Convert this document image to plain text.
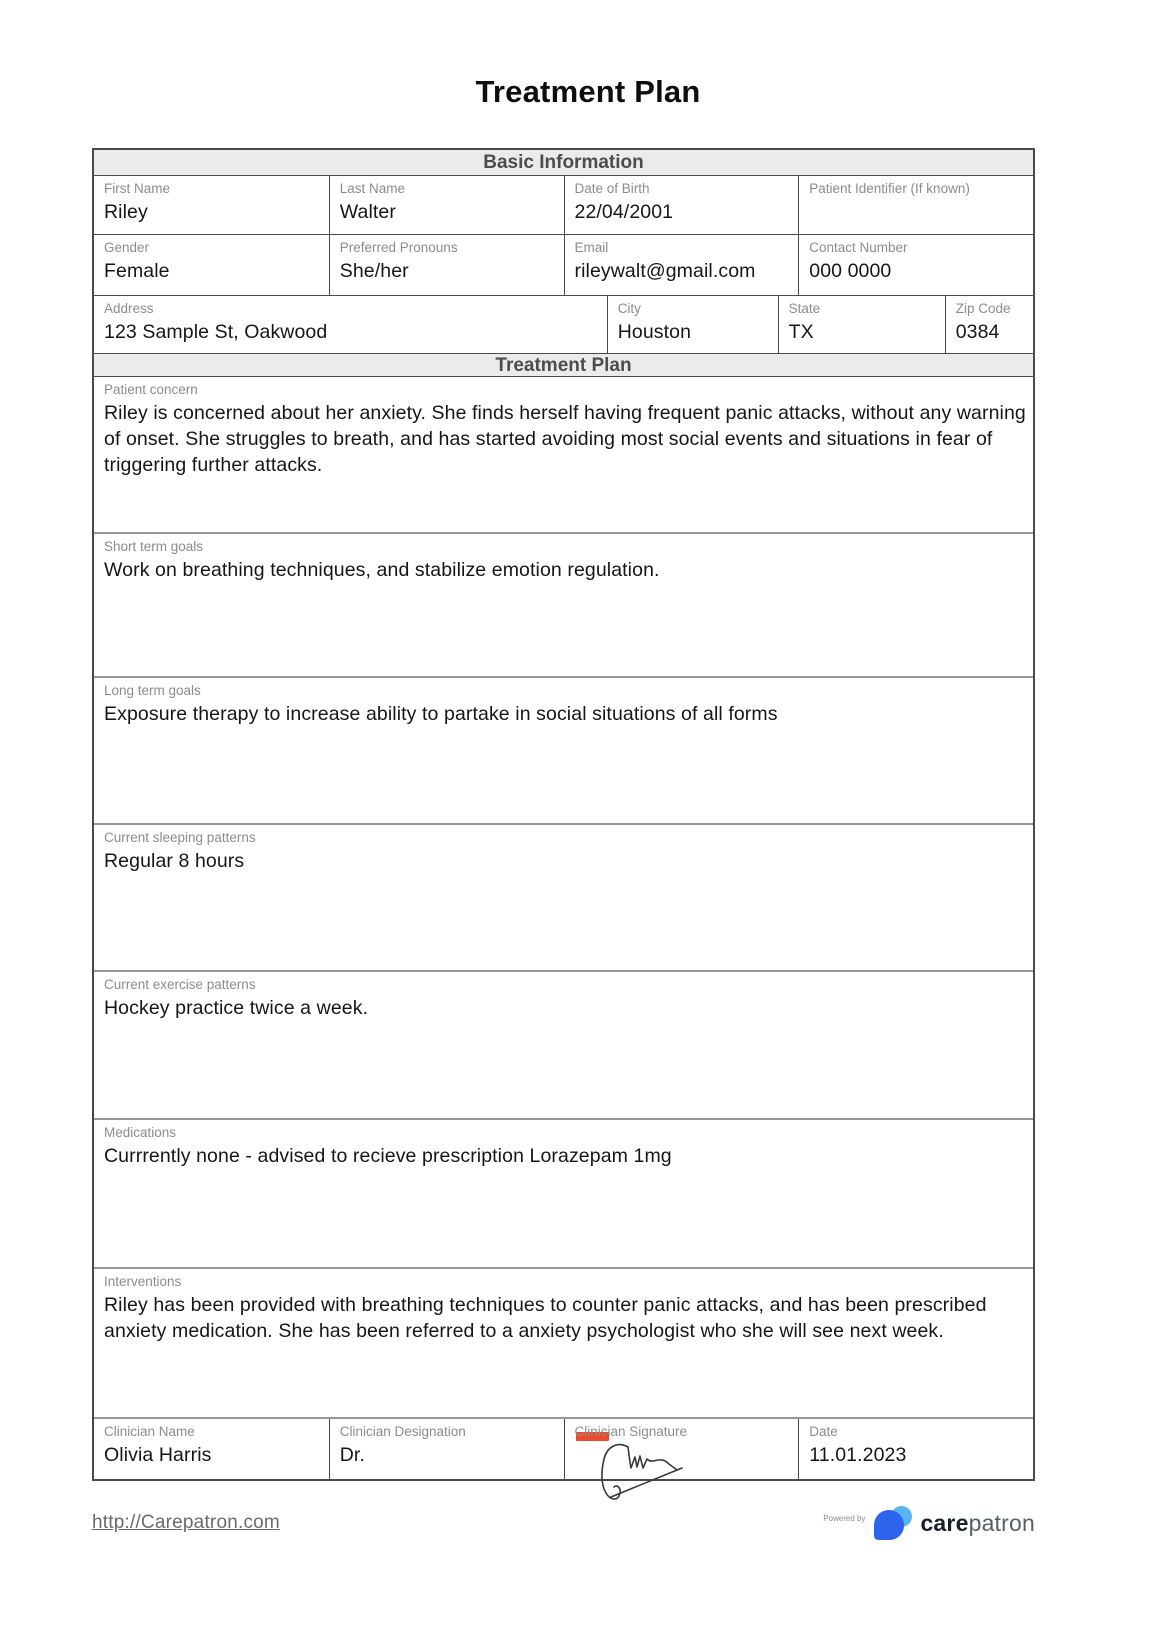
Treatment Plan
Basic Information
First Name
Riley
Last Name
Walter
Date of Birth
22/04/2001
Patient Identifier (If known)
Gender
Female
Preferred Pronouns
She/her
Email
rileywalt@gmail.com
Contact Number
000 0000
Address
123 Sample St, Oakwood
City
Houston
State
TX
Zip Code
0384
Treatment Plan
Patient concern
Riley is concerned about her anxiety. She finds herself having frequent panic attacks, without any warning of onset. She struggles to breath, and has started avoiding most social events and situations in fear of triggering further attacks.
Short term goals
Work on breathing techniques, and stabilize emotion regulation.
Long term goals
Exposure therapy to increase ability to partake in social situations of all forms
Current sleeping patterns
Regular 8 hours
Current exercise patterns
Hockey practice twice a week.
Medications
Currrently none - advised to recieve prescription Lorazepam 1mg
Interventions
Riley has been provided with breathing techniques to counter panic attacks, and has been prescribed anxiety medication. She has been referred to a anxiety psychologist who she will see next week.
Clinician Name
Olivia Harris
Clinician Designation
Dr.
Clinician Signature	Date
11.01.2023
http://Carepatron.com	Powered by carepatron
